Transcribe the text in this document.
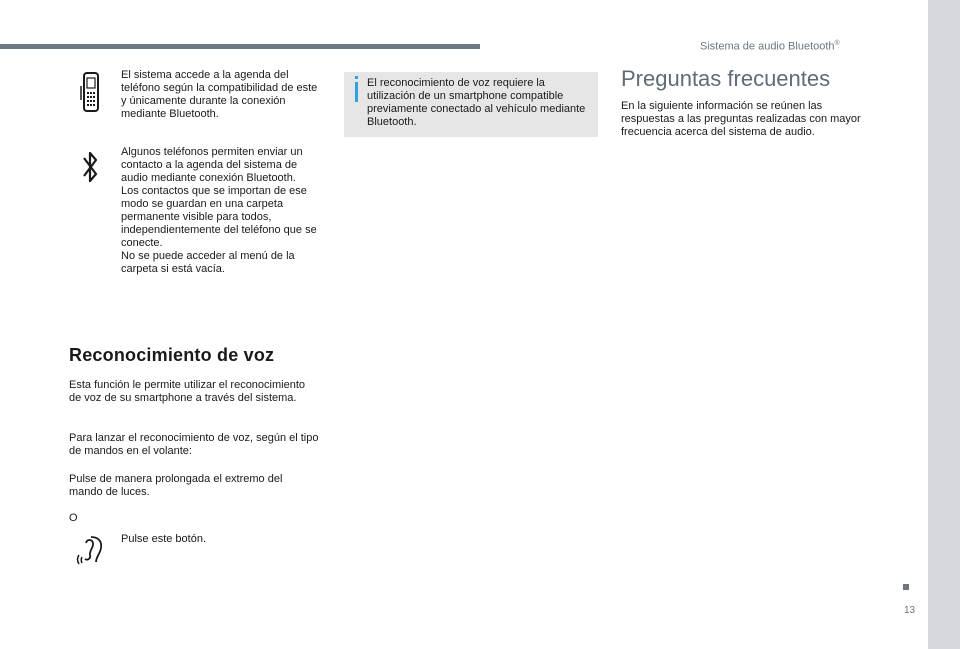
Sistema de audio Bluetooth®

El sistema accede a la agenda del teléfono según la compatibilidad de este y únicamente durante la conexión mediante Bluetooth.

Algunos teléfonos permiten enviar un contacto a la agenda del sistema de audio mediante conexión Bluetooth.
Los contactos que se importan de ese modo se guardan en una carpeta permanente visible para todos, independientemente del teléfono que se conecte.
No se puede acceder al menú de la carpeta si está vacía.

Reconocimiento de voz

Esta función le permite utilizar el reconocimiento de voz de su smartphone a través del sistema.

Para lanzar el reconocimiento de voz, según el tipo de mandos en el volante:

Pulse de manera prolongada el extremo del mando de luces.

O

Pulse este botón.

El reconocimiento de voz requiere la utilización de un smartphone compatible previamente conectado al vehículo mediante Bluetooth.

Preguntas frecuentes

En la siguiente información se reúnen las respuestas a las preguntas realizadas con mayor frecuencia acerca del sistema de audio.

13
